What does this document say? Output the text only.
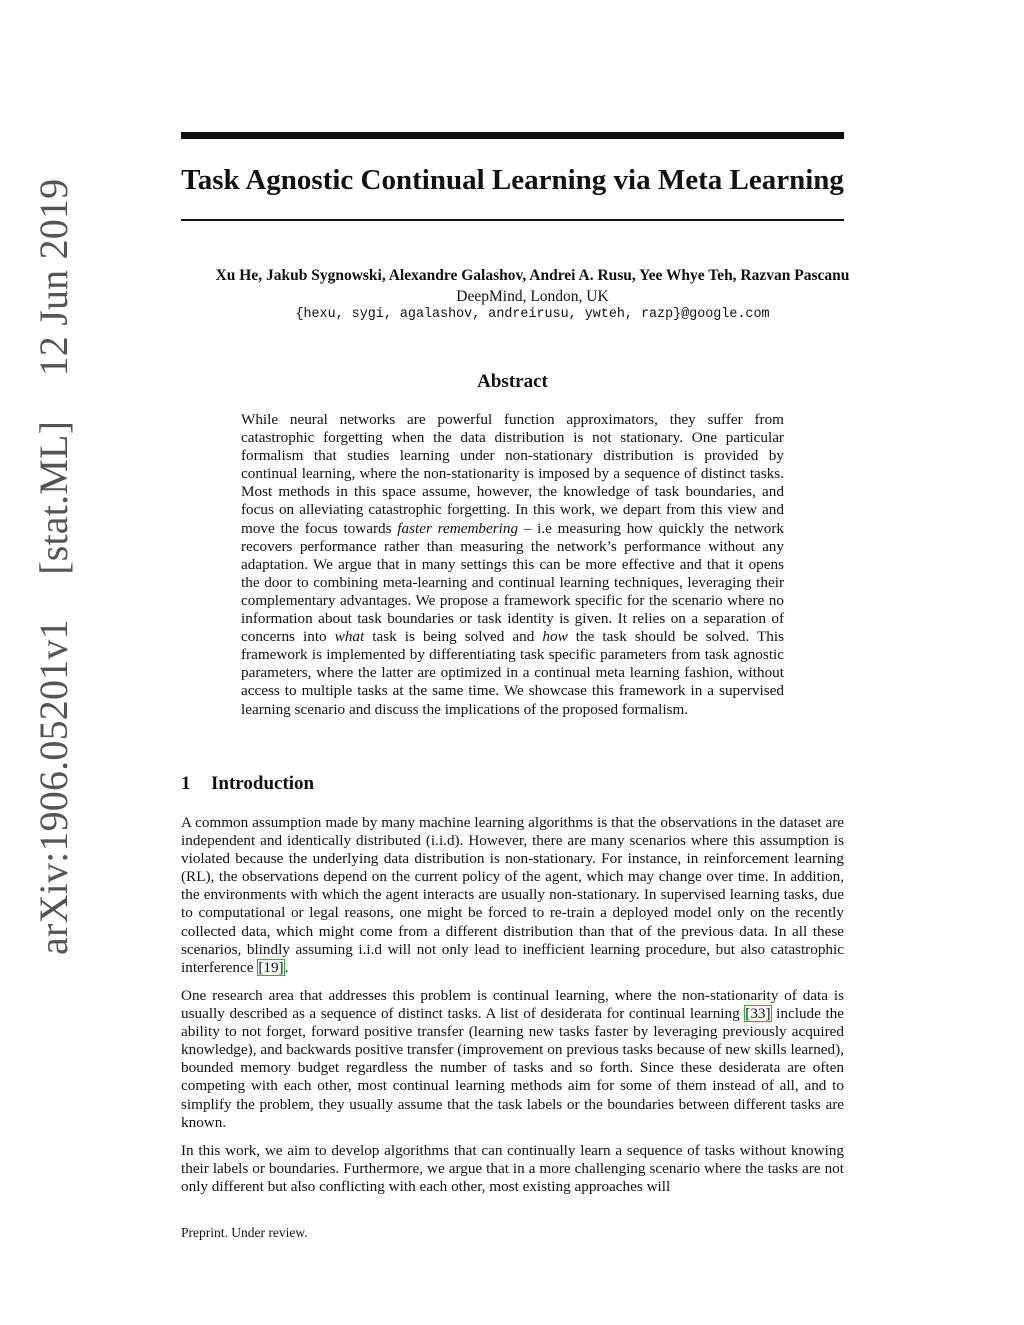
arXiv:1906.05201v1  [stat.ML]  12 Jun 2019	Task Agnostic Continual Learning via Meta Learning
Xu He, Jakub Sygnowski, Alexandre Galashov, Andrei A. Rusu, Yee Whye Teh, Razvan Pascanu
DeepMind, London, UK
{hexu, sygi, agalashov, andreirusu, ywteh, razp}@google.com
Abstract
While neural networks are powerful function approximators, they suffer from catastrophic forgetting when the data distribution is not stationary. One particular formalism that studies learning under non-stationary distribution is provided by continual learning, where the non-stationarity is imposed by a sequence of distinct tasks. Most methods in this space assume, however, the knowledge of task boundaries, and focus on alleviating catastrophic forgetting. In this work, we depart from this view and move the focus towards faster remembering – i.e measuring how quickly the network recovers performance rather than measuring the network’s performance without any adaptation. We argue that in many settings this can be more effective and that it opens the door to combining meta-learning and continual learning techniques, leveraging their complementary advantages. We propose a framework specific for the scenario where no information about task boundaries or task identity is given. It relies on a separation of concerns into what task is being solved and how the task should be solved. This framework is implemented by differentiating task specific parameters from task agnostic parameters, where the latter are optimized in a continual meta learning fashion, without access to multiple tasks at the same time. We showcase this framework in a supervised learning scenario and discuss the implications of the proposed formalism.
1 Introduction

A common assumption made by many machine learning algorithms is that the observations in the dataset are independent and identically distributed (i.i.d). However, there are many scenarios where this assumption is violated because the underlying data distribution is non-stationary. For instance, in reinforcement learning (RL), the observations depend on the current policy of the agent, which may change over time. In addition, the environments with which the agent interacts are usually non-stationary. In supervised learning tasks, due to computational or legal reasons, one might be forced to re-train a deployed model only on the recently collected data, which might come from a different distribution than that of the previous data. In all these scenarios, blindly assuming i.i.d will not only lead to inefficient learning procedure, but also catastrophic interference [19].

One research area that addresses this problem is continual learning, where the non-stationarity of data is usually described as a sequence of distinct tasks. A list of desiderata for continual learning [33] include the ability to not forget, forward positive transfer (learning new tasks faster by leveraging previously acquired knowledge), and backwards positive transfer (improvement on previous tasks because of new skills learned), bounded memory budget regardless the number of tasks and so forth. Since these desiderata are often competing with each other, most continual learning methods aim for some of them instead of all, and to simplify the problem, they usually assume that the task labels or the boundaries between different tasks are known.

In this work, we aim to develop algorithms that can continually learn a sequence of tasks without knowing their labels or boundaries. Furthermore, we argue that in a more challenging scenario where the tasks are not only different but also conflicting with each other, most existing approaches will

Preprint. Under review.
